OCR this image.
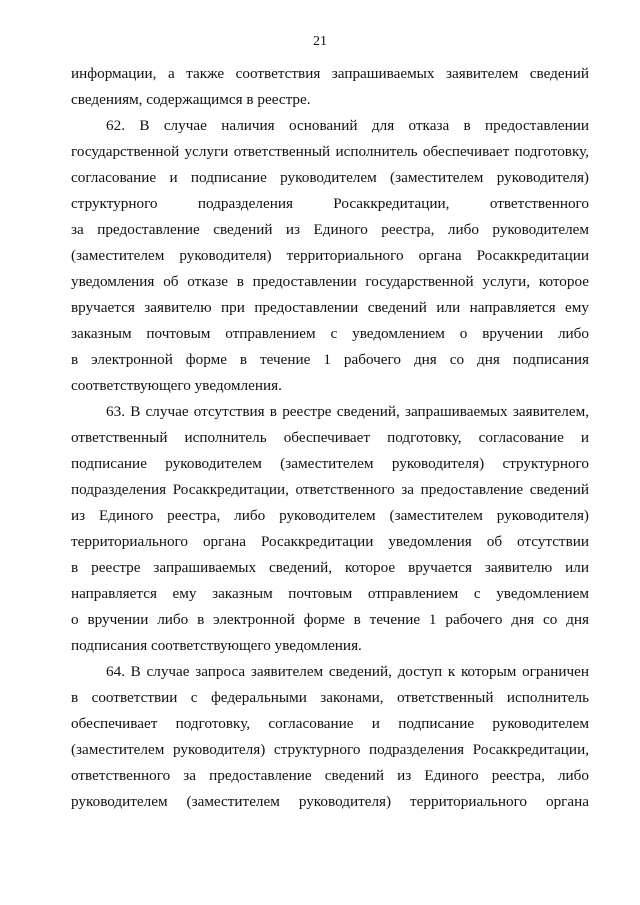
21
информации, а также соответствия запрашиваемых заявителем сведений
сведениям, содержащимся в реестре.
62. В случае наличия оснований для отказа в предоставлении
государственной услуги ответственный исполнитель обеспечивает подготовку,
согласование и подписание руководителем (заместителем руководителя)
структурного подразделения Росаккредитации, ответственного
за предоставление сведений из Единого реестра, либо руководителем
(заместителем руководителя) территориального органа Росаккредитации
уведомления об отказе в предоставлении государственной услуги, которое
вручается заявителю при предоставлении сведений или направляется ему
заказным почтовым отправлением с уведомлением о вручении либо
в электронной форме в течение 1 рабочего дня со дня подписания
соответствующего уведомления.
63. В случае отсутствия в реестре сведений, запрашиваемых заявителем,
ответственный исполнитель обеспечивает подготовку, согласование и
подписание руководителем (заместителем руководителя) структурного
подразделения Росаккредитации, ответственного за предоставление сведений
из Единого реестра, либо руководителем (заместителем руководителя)
территориального органа Росаккредитации уведомления об отсутствии
в реестре запрашиваемых сведений, которое вручается заявителю или
направляется ему заказным почтовым отправлением с уведомлением
о вручении либо в электронной форме в течение 1 рабочего дня со дня
подписания соответствующего уведомления.
64. В случае запроса заявителем сведений, доступ к которым ограничен
в соответствии с федеральными законами, ответственный исполнитель
обеспечивает подготовку, согласование и подписание руководителем
(заместителем руководителя) структурного подразделения Росаккредитации,
ответственного за предоставление сведений из Единого реестра, либо
руководителем (заместителем руководителя) территориального органа
